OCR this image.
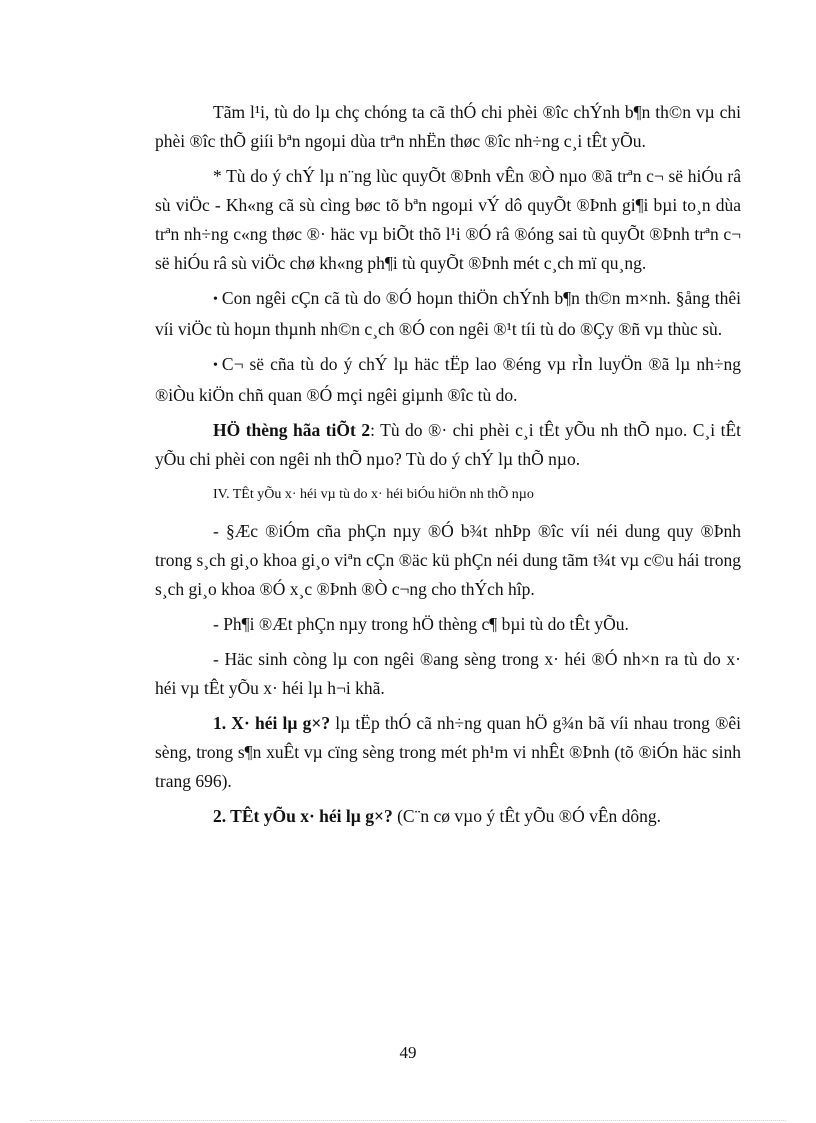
Tãm l¹i, tù do lµ chç chóng ta cã thÓ chi phèi ®îc chÝnh b¶n th©n vµ chi phèi ®îc thÕ giíi bªn ngoµi dùa trªn nhËn thøc ®îc nh÷ng c¸i tÊt yÕu.

* Tù do ý chÝ lµ n¨ng lùc quyÕt ®Þnh vÊn ®Ò nµo ®ã trªn c¬ së hiÓu râ sù viÖc - Kh«ng cã sù cìng bøc tõ bªn ngoµi vÝ dô quyÕt ®Þnh gi¶i bµi to¸n dùa trªn nh÷ng c«ng thøc ®· häc vµ biÕt thõ l¹i ®Ó râ ®óng sai tù quyÕt ®Þnh trªn c¬ së hiÓu râ sù viÖc chø kh«ng ph¶i tù quyÕt ®Þnh mét c¸ch mï qu¸ng.

• Con ngêi cÇn cã tù do ®Ó hoµn thiÖn chÝnh b¶n th©n m×nh. §ång thêi víi viÖc tù hoµn thµnh nh©n c¸ch ®Ó con ngêi ®¹t tíi tù do ®Çy ®ñ vµ thùc sù.

• C¬ së cña tù do ý chÝ lµ häc tËp lao ®éng vµ rÌn luyÖn ®ã lµ nh÷ng ®iÒu kiÖn chñ quan ®Ó mçi ngêi giµnh ®îc tù do.

HÖ thèng hãa tiÕt 2: Tù do ®· chi phèi c¸i tÊt yÕu nh thÕ nµo. C¸i tÊt yÕu chi phèi con ngêi nh thÕ nµo? Tù do ý chÝ lµ thÕ nµo.

IV. TÊt yÕu x· héi vµ tù do x· héi biÓu hiÖn nh thÕ nµo

- §Æc ®iÓm cña phÇn nµy ®Ó b¾t nhÞp ®îc víi néi dung quy ®Þnh trong s¸ch gi¸o khoa gi¸o viªn cÇn ®äc kü phÇn néi dung tãm t¾t vµ c©u hái trong s¸ch gi¸o khoa ®Ó x¸c ®Þnh ®Ò c¬ng cho thÝch hîp.

- Ph¶i ®Æt phÇn nµy trong hÖ thèng c¶ bµi tù do tÊt yÕu.

- Häc sinh còng lµ con ngêi ®ang sèng trong x· héi ®Ó nh×n ra tù do x· héi vµ tÊt yÕu x· héi lµ h¬i khã.

1. X· héi lµ g×? lµ tËp thÓ cã nh÷ng quan hÖ g¾n bã víi nhau trong ®êi sèng, trong s¶n xuÊt vµ cïng sèng trong mét ph¹m vi nhÊt ®Þnh (tõ ®iÓn häc sinh trang 696).

2. TÊt yÕu x· héi lµ g×? (C¨n cø vµo ý tÊt yÕu ®Ó vÊn dông.

49
